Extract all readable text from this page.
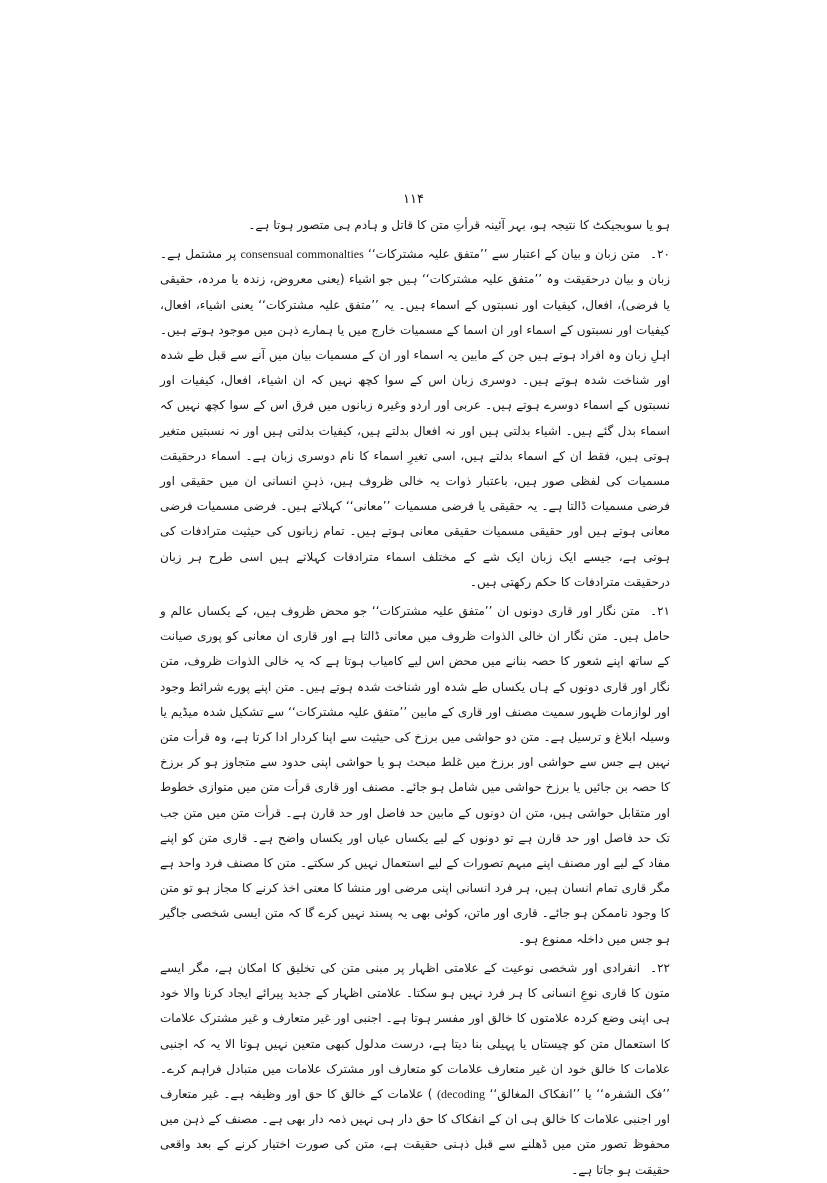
۱۱۴

ہو یا سوبجیکٹ کا نتیجہ ہو، بہر آئینہ قرأتِ متن کا قاتل و ہادم ہی متصور ہوتا ہے۔

۲۰۔متن زبان و بیان کے اعتبار سے ’’متفق علیہ مشترکات‘‘ consensual commonalties پر مشتمل ہے۔ زبان و بیان درحقیقت وہ ’’متفق علیہ مشترکات‘‘ ہیں جو اشیاء (یعنی معروض، زندہ یا مردہ، حقیقی یا فرضی)، افعال، کیفیات اور نسبتوں کے اسماء ہیں۔ یہ ’’متفق علیہ مشترکات‘‘ یعنی اشیاء، افعال، کیفیات اور نسبتوں کے اسماء اور ان اسما کے مسمیات خارج میں یا ہمارے ذہن میں موجود ہوتے ہیں۔ اہلِ زبان وہ افراد ہوتے ہیں جن کے مابین یہ اسماء اور ان کے مسمیات بیان میں آنے سے قبل طے شدہ اور شناخت شدہ ہوتے ہیں۔ دوسری زبان اس کے سوا کچھ نہیں کہ ان اشیاء، افعال، کیفیات اور نسبتوں کے اسماء دوسرے ہوتے ہیں۔ عربی اور اردو وغیرہ زبانوں میں فرق اس کے سوا کچھ نہیں کہ اسماء بدل گئے ہیں۔ اشیاء بدلتی ہیں اور نہ افعال بدلتے ہیں، کیفیات بدلتی ہیں اور نہ نسبتیں متغیر ہوتی ہیں، فقط ان کے اسماء بدلتے ہیں، اسی تغیرِ اسماء کا نام دوسری زبان ہے۔ اسماء درحقیقت مسمیات کی لفظی صور ہیں، باعتبار ذوات یہ خالی ظروف ہیں، ذہنِ انسانی ان میں حقیقی اور فرضی مسمیات ڈالتا ہے۔ یہ حقیقی یا فرضی مسمیات ’’معانی‘‘ کہلاتے ہیں۔ فرضی مسمیات فرضی معانی ہوتے ہیں اور حقیقی مسمیات حقیقی معانی ہوتے ہیں۔ تمام زبانوں کی حیثیت مترادفات کی ہوتی ہے، جیسے ایک زبان ایک شے کے مختلف اسماء مترادفات کہلاتے ہیں اسی طرح ہر زبان درحقیقت مترادفات کا حکم رکھتی ہیں۔

۲۱۔متن نگار اور قاری دونوں ان ’’متفق علیہ مشترکات‘‘ جو محض ظروف ہیں، کے یکساں عالم و حامل ہیں۔ متن نگار ان خالی الذوات ظروف میں معانی ڈالتا ہے اور قاری ان معانی کو پوری صیانت کے ساتھ اپنے شعور کا حصہ بنانے میں محض اس لیے کامیاب ہوتا ہے کہ یہ خالی الذوات ظروف، متن نگار اور قاری دونوں کے ہاں یکساں طے شدہ اور شناخت شدہ ہوتے ہیں۔ متن اپنے پورے شرائط وجود اور لوازمات ظہور سمیت مصنف اور قاری کے مابین ’’متفق علیہ مشترکات‘‘ سے تشکیل شدہ میڈیم یا وسیلہ ابلاغ و ترسیل ہے۔ متن دو حواشی میں برزخ کی حیثیت سے اپنا کردار ادا کرتا ہے، وہ قرأت متن نہیں ہے جس سے حواشی اور برزخ میں غلط مبحث ہو یا حواشی اپنی حدود سے متجاوز ہو کر برزخ کا حصہ بن جائیں یا برزخ حواشی میں شامل ہو جائے۔ مصنف اور قاری قرأت متن میں متوازی خطوط اور متقابل حواشی ہیں، متن ان دونوں کے مابین حد فاصل اور حد قارن ہے۔ قرأت متن میں متن جب تک حد فاصل اور حد قارن ہے تو دونوں کے لیے یکساں عیاں اور یکساں واضح ہے۔ قاری متن کو اپنے مفاد کے لیے اور مصنف اپنے مبہم تصورات کے لیے استعمال نہیں کر سکتے۔ متن کا مصنف فرد واحد ہے مگر قاری تمام انسان ہیں، ہر فرد انسانی اپنی مرضی اور منشا کا معنی اخذ کرنے کا مجاز ہو تو متن کا وجود ناممکن ہو جائے۔ قاری اور ماتن، کوئی بھی یہ پسند نہیں کرے گا کہ متن ایسی شخصی جاگیر ہو جس میں داخلہ ممنوع ہو۔

۲۲۔انفرادی اور شخصی نوعیت کے علامتی اظہار پر مبنی متن کی تخلیق کا امکان ہے، مگر ایسے متون کا قاری نوعِ انسانی کا ہر فرد نہیں ہو سکتا۔ علامتی اظہار کے جدید پیرائے ایجاد کرنا والا خود ہی اپنی وضع کردہ علامتوں کا خالق اور مفسر ہوتا ہے۔ اجنبی اور غیر متعارف و غیر مشترک علامات کا استعمال متن کو چیستاں یا پہیلی بنا دیتا ہے، درست مدلول کبھی متعین نہیں ہوتا الا یہ کہ اجنبی علامات کا خالق خود ان غیر متعارف علامات کو متعارف اور مشترک علامات میں متبادل فراہم کرے۔ ’’فک الشفرہ‘‘ یا ’’انفکاک المغالق‘‘ (decoding ) علامات کے خالق کا حق اور وظیفہ ہے۔ غیر متعارف اور اجنبی علامات کا خالق ہی ان کے انفکاک کا حق دار ہی نہیں ذمہ دار بھی ہے۔ مصنف کے ذہن میں محفوظ تصور متن میں ڈھلنے سے قبل ذہنی حقیقت ہے، متن کی صورت اختیار کرنے کے بعد واقعی حقیقت ہو جاتا ہے۔
